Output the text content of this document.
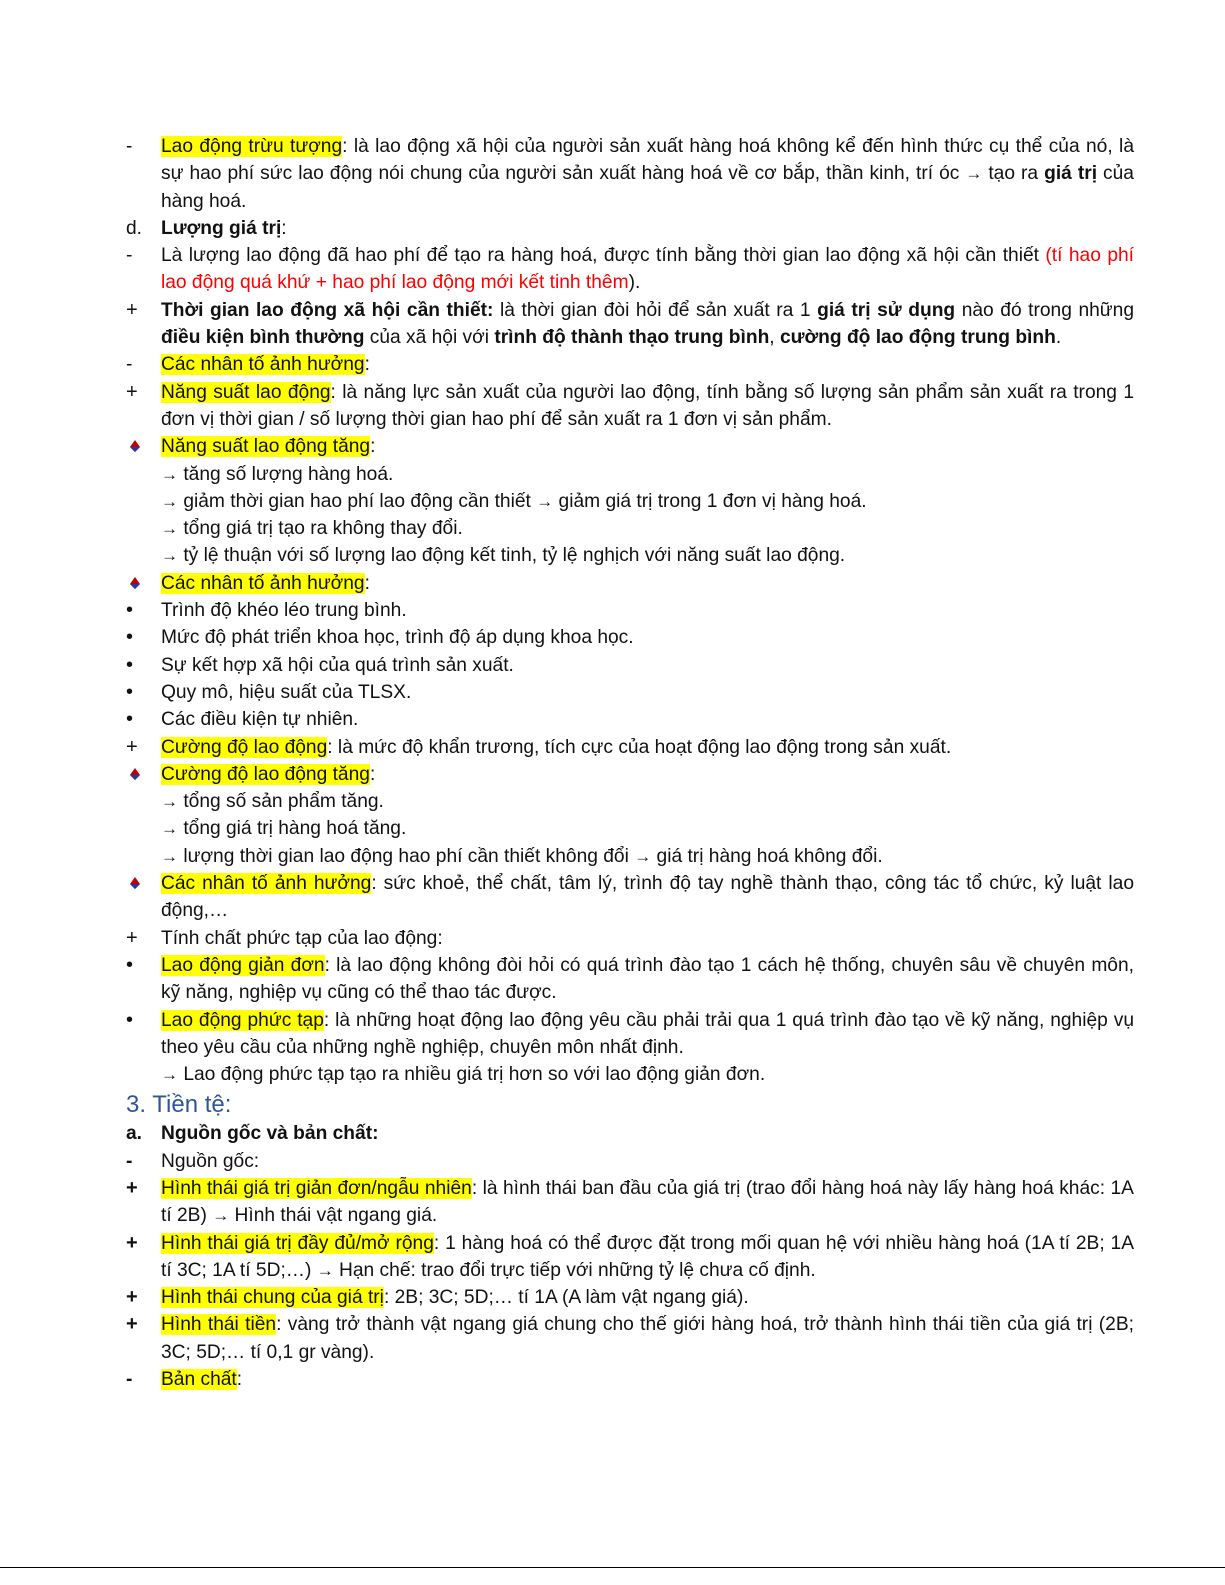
-	Lao động trừu tượng: là lao động xã hội của người sản xuất hàng hoá không kể đến hình thức cụ thể của nó, là sự hao phí sức lao động nói chung của người sản xuất hàng hoá về cơ bắp, thần kinh, trí óc → tạo ra giá trị của hàng hoá.
d. Lượng giá trị:
-	Là lượng lao động đã hao phí để tạo ra hàng hoá, được tính bằng thời gian lao động xã hội cần thiết (tí hao phí lao động quá khứ + hao phí lao động mới kết tinh thêm).
+	Thời gian lao động xã hội cần thiết: là thời gian đòi hỏi để sản xuất ra 1 giá trị sử dụng nào đó trong những điều kiện bình thường của xã hội với trình độ thành thạo trung bình, cường độ lao động trung bình.
-	Các nhân tố ảnh hưởng:
+	Năng suất lao động: là năng lực sản xuất của người lao động, tính bằng số lượng sản phẩm sản xuất ra trong 1 đơn vị thời gian / số lượng thời gian hao phí để sản xuất ra 1 đơn vị sản phẩm.
Năng suất lao động tăng:
→ tăng số lượng hàng hoá.
→ giảm thời gian hao phí lao động cần thiết → giảm giá trị trong 1 đơn vị hàng hoá.
→ tổng giá trị tạo ra không thay đổi.
→ tỷ lệ thuận với số lượng lao động kết tinh, tỷ lệ nghịch với năng suất lao động.
Các nhân tố ảnh hưởng:
•	Trình độ khéo léo trung bình.
•	Mức độ phát triển khoa học, trình độ áp dụng khoa học.
•	Sự kết hợp xã hội của quá trình sản xuất.
•	Quy mô, hiệu suất của TLSX.
•	Các điều kiện tự nhiên.
+	Cường độ lao động: là mức độ khẩn trương, tích cực của hoạt động lao động trong sản xuất.
Cường độ lao động tăng:
→ tổng số sản phẩm tăng.
→ tổng giá trị hàng hoá tăng.
→ lượng thời gian lao động hao phí cần thiết không đổi → giá trị hàng hoá không đổi.
Các nhân tố ảnh hưởng: sức khoẻ, thể chất, tâm lý, trình độ tay nghề thành thạo, công tác tổ chức, kỷ luật lao động,…
+	Tính chất phức tạp của lao động:
•	Lao động giản đơn: là lao động không đòi hỏi có quá trình đào tạo 1 cách hệ thống, chuyên sâu về chuyên môn, kỹ năng, nghiệp vụ cũng có thể thao tác được.
•	Lao động phức tạp: là những hoạt động lao động yêu cầu phải trải qua 1 quá trình đào tạo về kỹ năng, nghiệp vụ theo yêu cầu của những nghề nghiệp, chuyên môn nhất định.
→ Lao động phức tạp tạo ra nhiều giá trị hơn so với lao động giản đơn.
3. Tiền tệ:
a. Nguồn gốc và bản chất:
-	Nguồn gốc:
+	Hình thái giá trị giản đơn/ngẫu nhiên: là hình thái ban đầu của giá trị (trao đổi hàng hoá này lấy hàng hoá khác: 1A tí 2B) → Hình thái vật ngang giá.
+	Hình thái giá trị đầy đủ/mở rộng: 1 hàng hoá có thể được đặt trong mối quan hệ với nhiều hàng hoá (1A tí 2B; 1A tí 3C; 1A tí 5D;…) → Hạn chế: trao đổi trực tiếp với những tỷ lệ chưa cố định.
+	Hình thái chung của giá trị: 2B; 3C; 5D;… tí 1A (A làm vật ngang giá).
+	Hình thái tiền: vàng trở thành vật ngang giá chung cho thế giới hàng hoá, trở thành hình thái tiền của giá trị (2B; 3C; 5D;… tí 0,1 gr vàng).
-	Bản chất:
